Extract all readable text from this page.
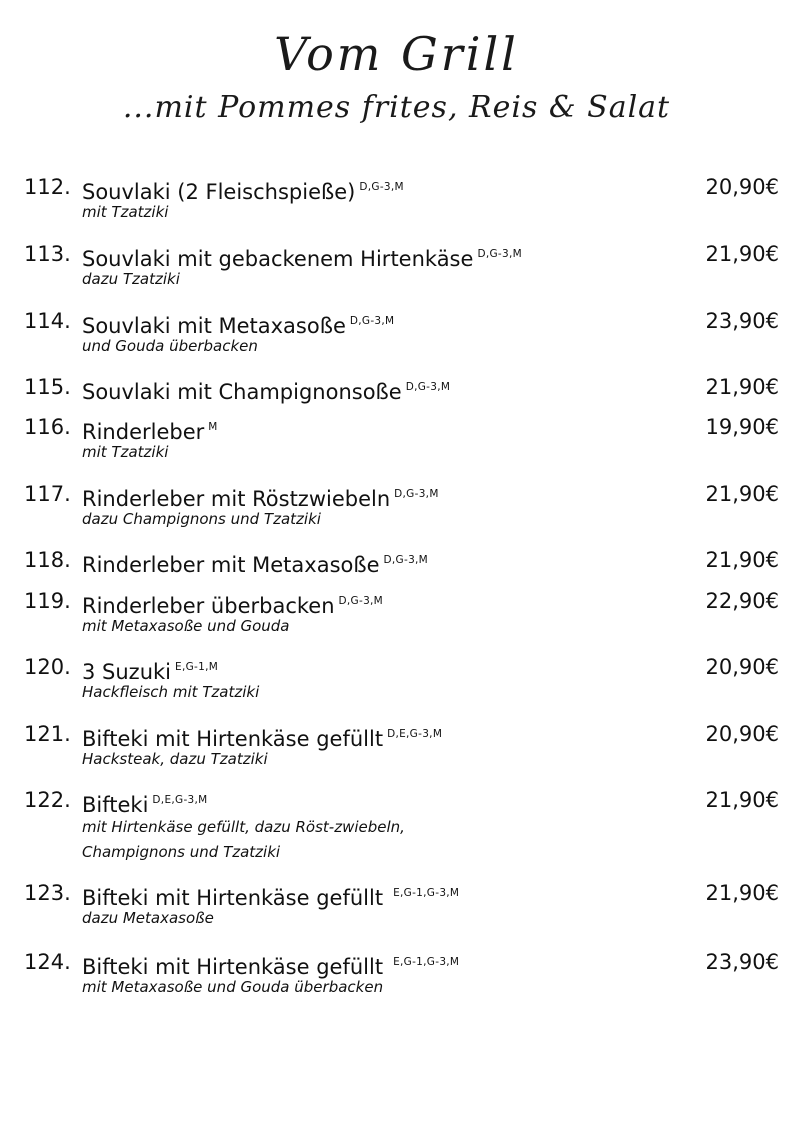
Vom Grill
...mit Pommes frites, Reis & Salat
112. Souvlaki (2 Fleischspieße) $^{D,G-3,M}$	20,90€
mit Tzatziki
113. Souvlaki mit gebackenem Hirtenkäse $^{D,G-3,M}$	21,90€
dazu Tzatziki
114. Souvlaki mit Metaxasoße $^{D,G-3,M}$	23,90€
und Gouda überbacken
115. Souvlaki mit Champignonsoße $^{D,G-3,M}$	21,90€
116. Rinderleber $^M$	19,90€
mit Tzatziki
117. Rinderleber mit Röstzwiebeln $^{D,G-3,M}$	21,90€
dazu Champignons und Tzatziki
118. Rinderleber mit Metaxasoße $^{D,G-3,M}$	21,90€
119. Rinderleber überbacken $^{D,G-3,M}$	22,90€
mit Metaxasoße und Gouda
120. 3 Suzuki $^{E,G-1,M}$	20,90€
Hackfleisch mit Tzatziki
121. Bifteki mit Hirtenkäse gefüllt $^{D,E,G-3,M}$	20,90€
Hacksteak, dazu Tzatziki
122. Bifteki $^{D,E,G-3,M}$	21,90€
mit Hirtenkäse gefüllt, dazu Röst-zwiebeln,
Champignons und Tzatziki
123. Bifteki mit Hirtenkäse gefüllt $^{E,G-1,G-3,M}$	21,90€
dazu Metaxasoße
124. Bifteki mit Hirtenkäse gefüllt $^{E,G-1,G-3,M}$	23,90€
mit Metaxasoße und Gouda überbacken
